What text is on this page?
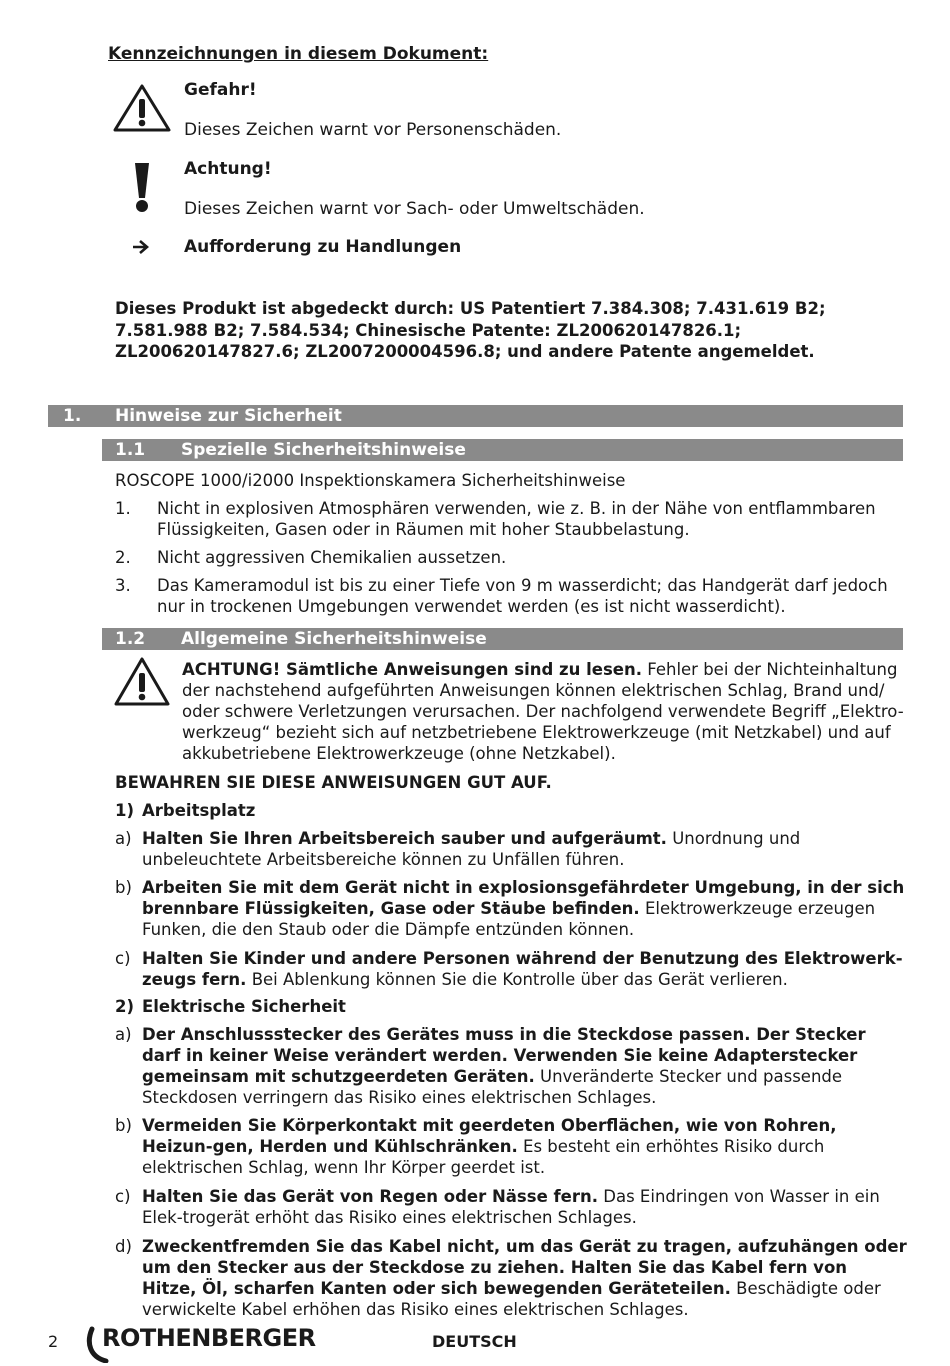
Kennzeichnungen in diesem Dokument:
Gefahr!
Dieses Zeichen warnt vor Personenschäden.
Achtung!
Dieses Zeichen warnt vor Sach- oder Umweltschäden.
Aufforderung zu Handlungen
Dieses Produkt ist abgedeckt durch: US Patentiert 7.384.308; 7.431.619 B2; 7.581.988 B2; 7.584.534; Chinesische Patente: ZL200620147826.1; ZL200620147827.6; ZL2007200004596.8; und andere Patente angemeldet.
1. Hinweise zur Sicherheit
1.1 Spezielle Sicherheitshinweise
ROSCOPE 1000/i2000 Inspektionskamera Sicherheitshinweise
1. Nicht in explosiven Atmosphären verwenden, wie z. B. in der Nähe von entflammbaren Flüssigkeiten, Gasen oder in Räumen mit hoher Staubbelastung.
2. Nicht aggressiven Chemikalien aussetzen.
3. Das Kameramodul ist bis zu einer Tiefe von 9 m wasserdicht; das Handgerät darf jedoch nur in trockenen Umgebungen verwendet werden (es ist nicht wasserdicht).
1.2 Allgemeine Sicherheitshinweise
ACHTUNG! Sämtliche Anweisungen sind zu lesen. Fehler bei der Nichteinhaltung der nachstehend aufgeführten Anweisungen können elektrischen Schlag, Brand und/ oder schwere Verletzungen verursachen. Der nachfolgend verwendete Begriff „Elektro-werkzeug“ bezieht sich auf netzbetriebene Elektrowerkzeuge (mit Netzkabel) und auf akkubetriebene Elektrowerkzeuge (ohne Netzkabel).
BEWAHREN SIE DIESE ANWEISUNGEN GUT AUF.
1) Arbeitsplatz
a) Halten Sie Ihren Arbeitsbereich sauber und aufgeräumt. Unordnung und unbeleuchtete Arbeitsbereiche können zu Unfällen führen.
b) Arbeiten Sie mit dem Gerät nicht in explosionsgefährdeter Umgebung, in der sich brennbare Flüssigkeiten, Gase oder Stäube befinden. Elektrowerkzeuge erzeugen Funken, die den Staub oder die Dämpfe entzünden können.
c) Halten Sie Kinder und andere Personen während der Benutzung des Elektrowerk-zeugs fern. Bei Ablenkung können Sie die Kontrolle über das Gerät verlieren.
2) Elektrische Sicherheit
a) Der Anschlussstecker des Gerätes muss in die Steckdose passen. Der Stecker darf in keiner Weise verändert werden. Verwenden Sie keine Adapterstecker gemeinsam mit schutzgeerdeten Geräten. Unveränderte Stecker und passende Steckdosen verringern das Risiko eines elektrischen Schlages.
b) Vermeiden Sie Körperkontakt mit geerdeten Oberflächen, wie von Rohren, Heizun-gen, Herden und Kühlschränken. Es besteht ein erhöhtes Risiko durch elektrischen Schlag, wenn Ihr Körper geerdet ist.
c) Halten Sie das Gerät von Regen oder Nässe fern. Das Eindringen von Wasser in ein Elek-trogerät erhöht das Risiko eines elektrischen Schlages.
d) Zweckentfremden Sie das Kabel nicht, um das Gerät zu tragen, aufzuhängen oder um den Stecker aus der Steckdose zu ziehen. Halten Sie das Kabel fern von Hitze, Öl, scharfen Kanten oder sich bewegenden Geräteteilen. Beschädigte oder verwickelte Kabel erhöhen das Risiko eines elektrischen Schlages.
2 ROTHENBERGER	DEUTSCH
